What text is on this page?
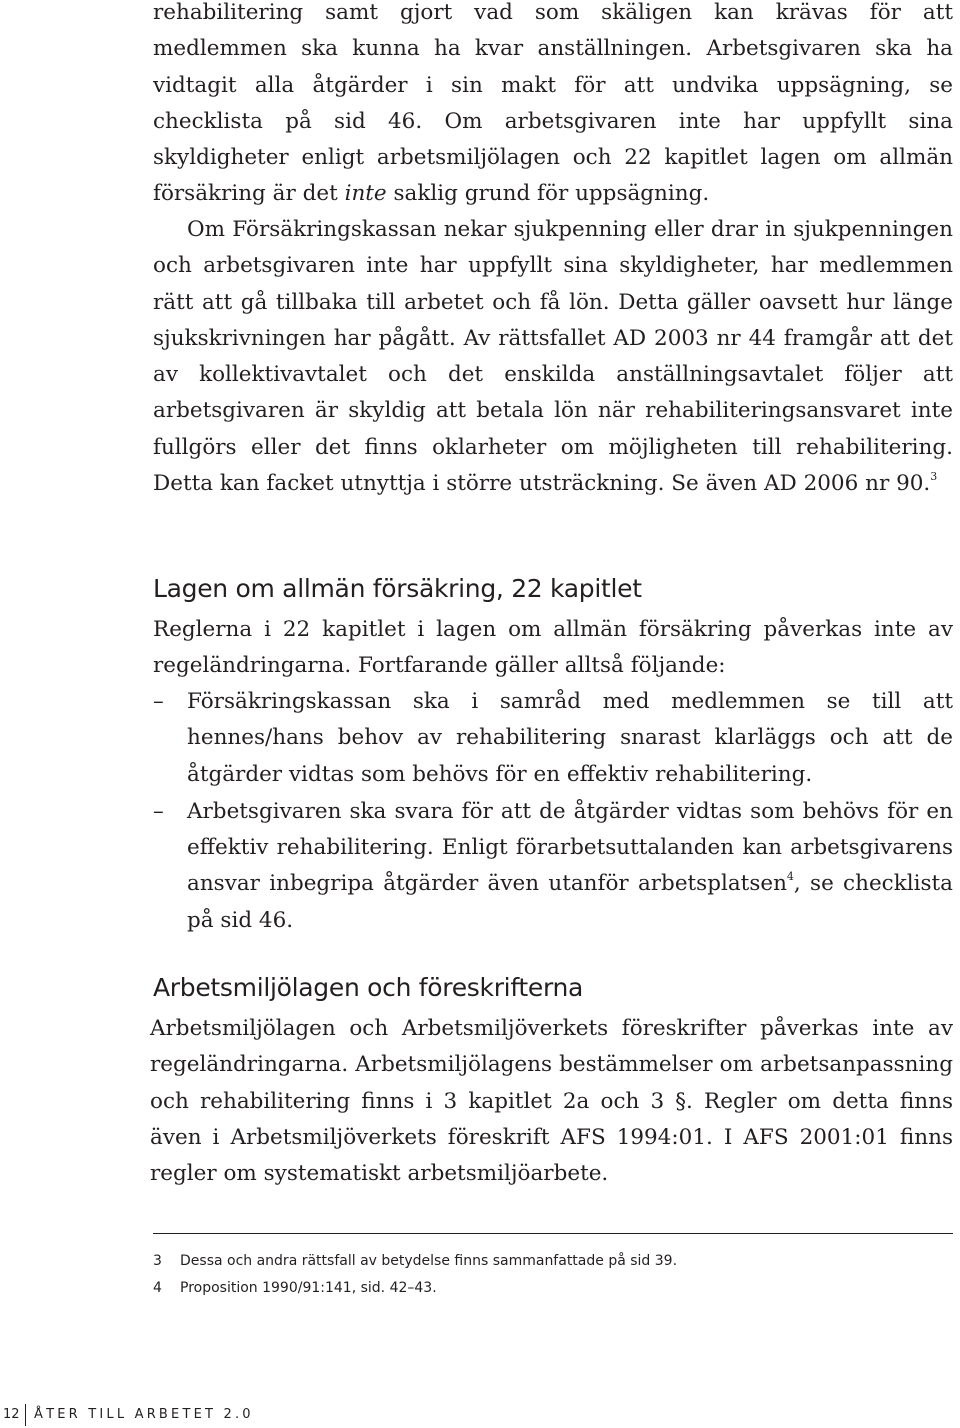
rehabilitering samt gjort vad som skäligen kan krävas för att medlemmen ska kunna ha kvar anställningen. Arbetsgivaren ska ha vidtagit alla åtgärder i sin makt för att undvika uppsägning, se checklista på sid 46. Om arbetsgivaren inte har uppfyllt sina skyldigheter enligt arbetsmiljölagen och 22 kapitlet lagen om allmän försäkring är det inte saklig grund för uppsägning.

Om Försäkringskassan nekar sjukpenning eller drar in sjukpenningen och arbetsgivaren inte har uppfyllt sina skyldigheter, har medlemmen rätt att gå tillbaka till arbetet och få lön. Detta gäller oavsett hur länge sjukskrivningen har pågått. Av rättsfallet AD 2003 nr 44 framgår att det av kollektivavtalet och det enskilda anställningsavtalet följer att arbetsgivaren är skyldig att betala lön när rehabiliteringsansvaret inte fullgörs eller det finns oklarheter om möjligheten till rehabilitering. Detta kan facket utnyttja i större utsträckning. Se även AD 2006 nr 90.$^3$

Lagen om allmän försäkring, 22 kapitlet

Reglerna i 22 kapitlet i lagen om allmän försäkring påverkas inte av regeländringarna. Fortfarande gäller alltså följande:

–	Försäkringskassan ska i samråd med medlemmen se till att hennes/hans behov av rehabilitering snarast klarläggs och att de åtgärder vidtas som behövs för en effektiv rehabilitering.
–	Arbetsgivaren ska svara för att de åtgärder vidtas som behövs för en effektiv rehabilitering. Enligt förarbetsuttalanden kan arbetsgivarens ansvar inbegripa åtgärder även utanför arbetsplatsen$^4$, se checklista på sid 46.
Arbetsmiljölagen och föreskrifterna

Arbetsmiljölagen och Arbetsmiljöverkets föreskrifter påverkas inte av regeländringarna. Arbetsmiljölagens bestämmelser om arbetsanpassning och rehabilitering finns i 3 kapitlet 2a och 3 §. Regler om detta finns även i Arbetsmiljöverkets föreskrift AFS 1994:01. I AFS 2001:01 finns regler om systematiskt arbetsmiljöarbete.

3 Dessa och andra rättsfall av betydelse finns sammanfattade på sid 39.
4 Proposition 1990/91:141, sid. 42–43.
12 ÅTER TILL ARBETET 2.0
